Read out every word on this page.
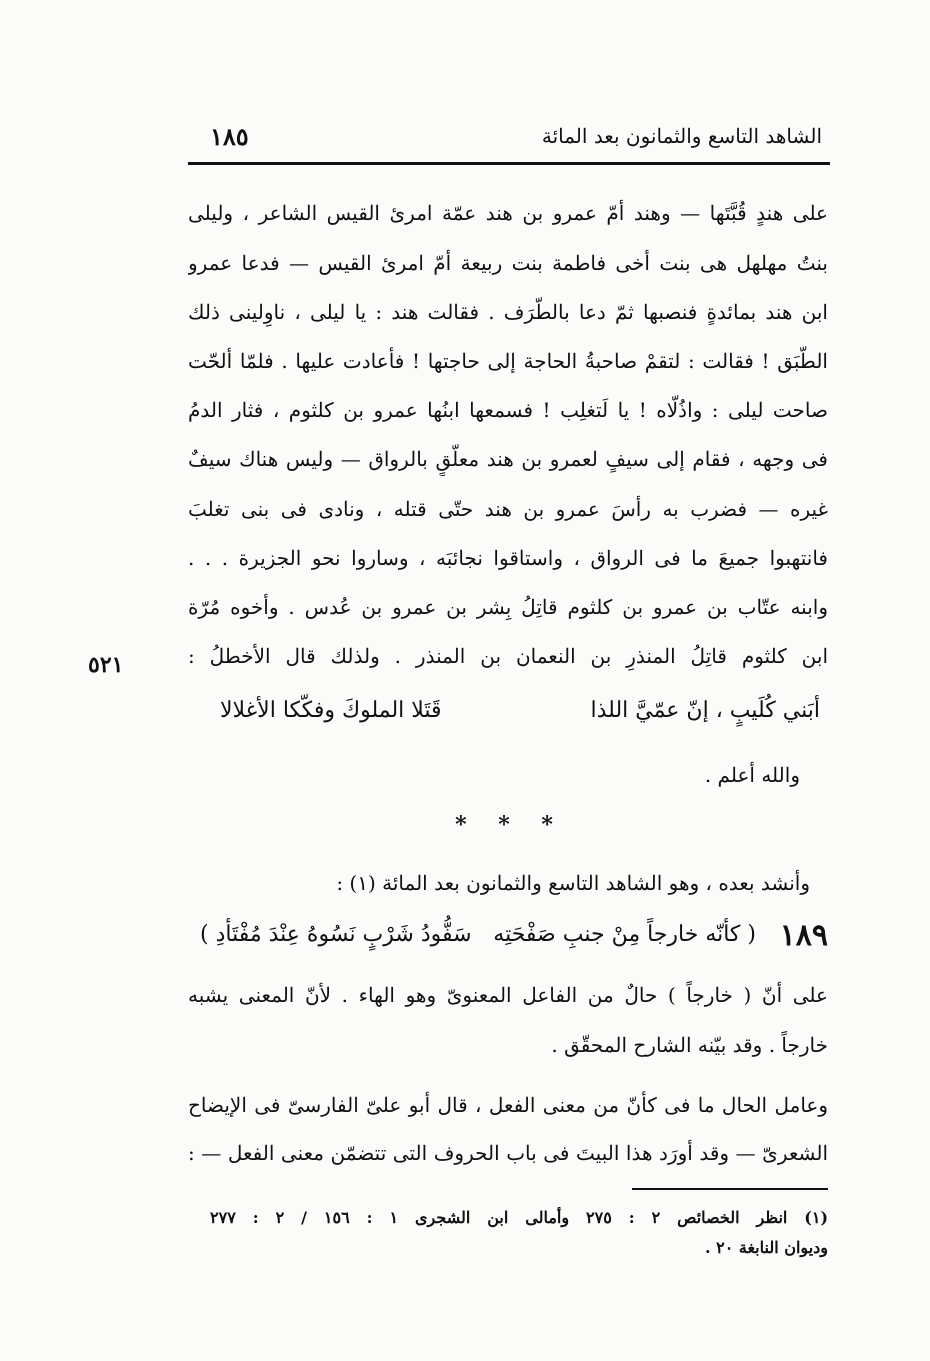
الشاهد التاسع والثمانون بعد المائة
١٨٥
٥٢١
على هندٍ قُبَّتَها — وهند أمّ عمرو بن هند عمّة امرئ القيس الشاعر ، وليلى
بنتُ مهلهل هى بنت أخى فاطمة بنت ربيعة أمّ امرئ القيس — فدعا عمرو
ابن هند بمائدةٍ فنصبها ثمّ دعا بالطُّرَف . فقالت هند : يا ليلى ، ناوِلينى ذلك
الطَّبَق ! فقالت : لتقمْ صاحبةُ الحاجة إلى حاجتها ! فأعادت عليها . فلمّا ألحّت
صاحت ليلى : واذُلّاه ! يا لَتغلِب ! فسمعها ابنُها عمرو بن كلثوم ، فثار الدمُ
فى وجهه ، فقام إلى سيفٍ لعمرو بن هند معلّقٍ بالرواق — وليس هناك سيفٌ
غيره — فضرب به رأسَ عمرو بن هند حتّى قتله ، ونادى فى بنى تغلبَ
فانتهبوا جميعَ ما فى الرواق ، واستاقوا نجائبَه ، وساروا نحو الجزيرة . . .
وابنه عتّاب بن عمرو بن كلثوم قاتِلُ بِشر بن عمرو بن عُدس . وأخوه مُرّة
ابن كلثوم قاتِلُ المنذرِ بن النعمان بن المنذر . ولذلك قال الأخطلُ :
أبَني كُلَيبٍ ، إنّ عمّيَّ اللذا
قَتَلا الملوكَ وفكّكا الأغلالا
والله أعلم .
* * *
وأنشد بعده ، وهو الشاهد التاسع والثمانون بعد المائة (١) :
١٨٩
( كأنّه خارجاً مِنْ جنبِ صَفْحَتِه
سَفُّودُ شَرْبٍ نَسُوهُ عِنْدَ مُفْتَأدِ )
على أنّ ( خارجاً ) حالٌ من الفاعل المعنوىّ وهو الهاء . لأنّ المعنى يشبه
خارجاً . وقد بيّنه الشارح المحقّق .
وعامل الحال ما فى كأنّ من معنى الفعل ، قال أبو علىّ الفارسىّ فى الإيضاح
الشعرىّ — وقد أورَد هذا البيتَ فى باب الحروف التى تتضمّن معنى الفعل — :
(١) انظر الخصائص ٢ : ٢٧٥ وأمالى ابن الشجرى ١ : ١٥٦ / ٢ : ٢٧٧
وديوان النابغة ٢٠ .
